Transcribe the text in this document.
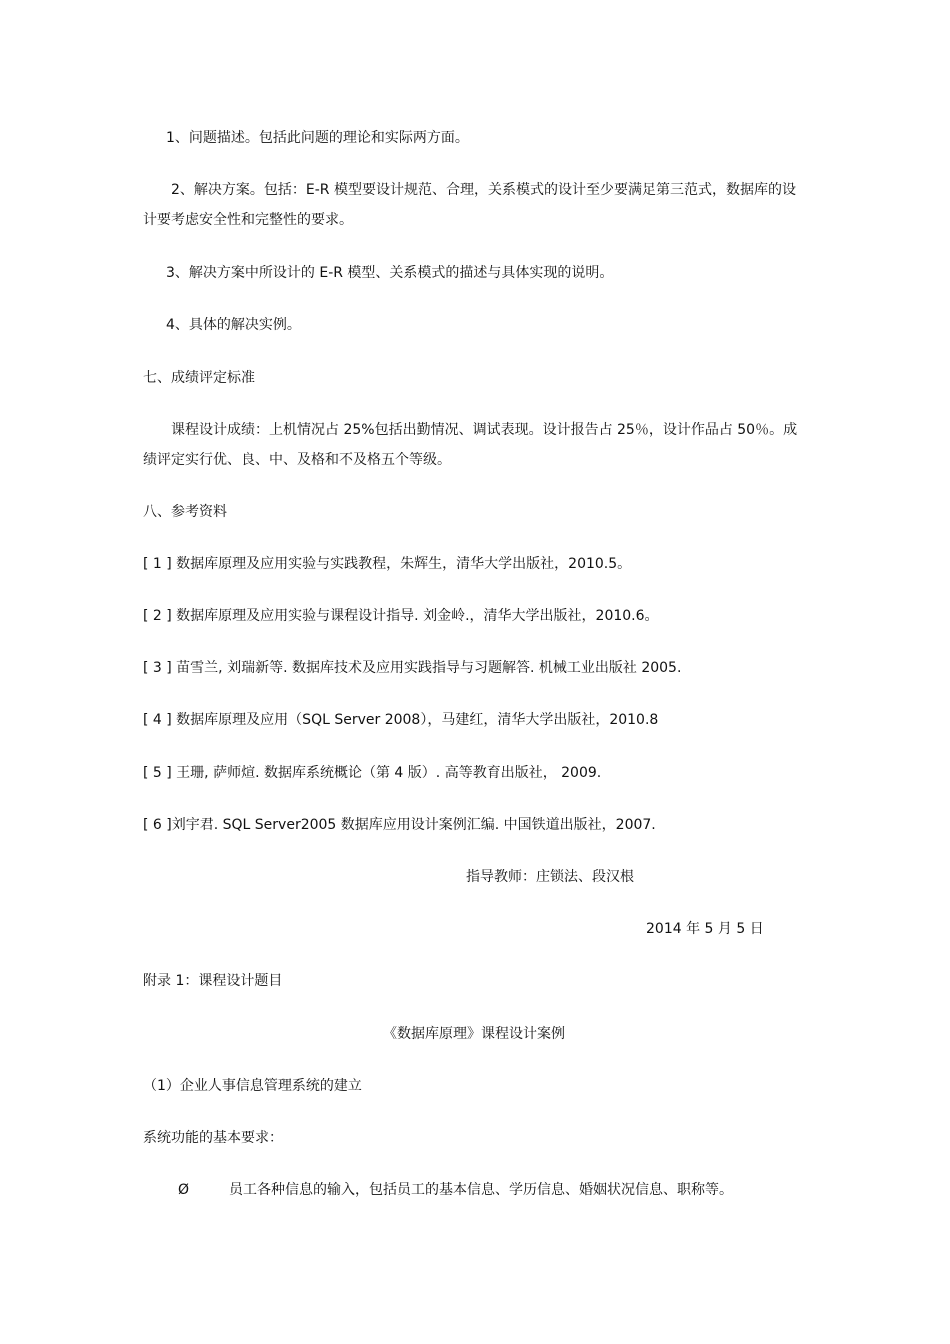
1、问题描述。包括此问题的理论和实际两方面。
2、解决方案。包括：E-R 模型要设计规范、合理，关系模式的设计至少要满足第三范式，数据库的设计要考虑安全性和完整性的要求。
3、解决方案中所设计的 E-R 模型、关系模式的描述与具体实现的说明。
4、具体的解决实例。
七、成绩评定标准
课程设计成绩：上机情况占 25%包括出勤情况、调试表现。设计报告占 25％，设计作品占 50％。成绩评定实行优、良、中、及格和不及格五个等级。
八、参考资料
[ 1 ] 数据库原理及应用实验与实践教程，朱辉生，清华大学出版社，2010.5。
[ 2 ] 数据库原理及应用实验与课程设计指导. 刘金岭.，清华大学出版社，2010.6。
[ 3 ] 苗雪兰, 刘瑞新等. 数据库技术及应用实践指导与习题解答. 机械工业出版社 2005.
[ 4 ] 数据库原理及应用（SQL Server 2008），马建红，清华大学出版社，2010.8
[ 5 ] 王珊, 萨师煊. 数据库系统概论（第 4 版）. 高等教育出版社， 2009.
[ 6 ]刘宇君. SQL Server2005 数据库应用设计案例汇编. 中国铁道出版社，2007.
指导教师：庄锁法、段汉根
2014 年 5 月 5 日
附录 1：课程设计题目
《数据库原理》课程设计案例
（1）企业人事信息管理系统的建立
系统功能的基本要求：
Ø	员工各种信息的输入，包括员工的基本信息、学历信息、婚姻状况信息、职称等。
